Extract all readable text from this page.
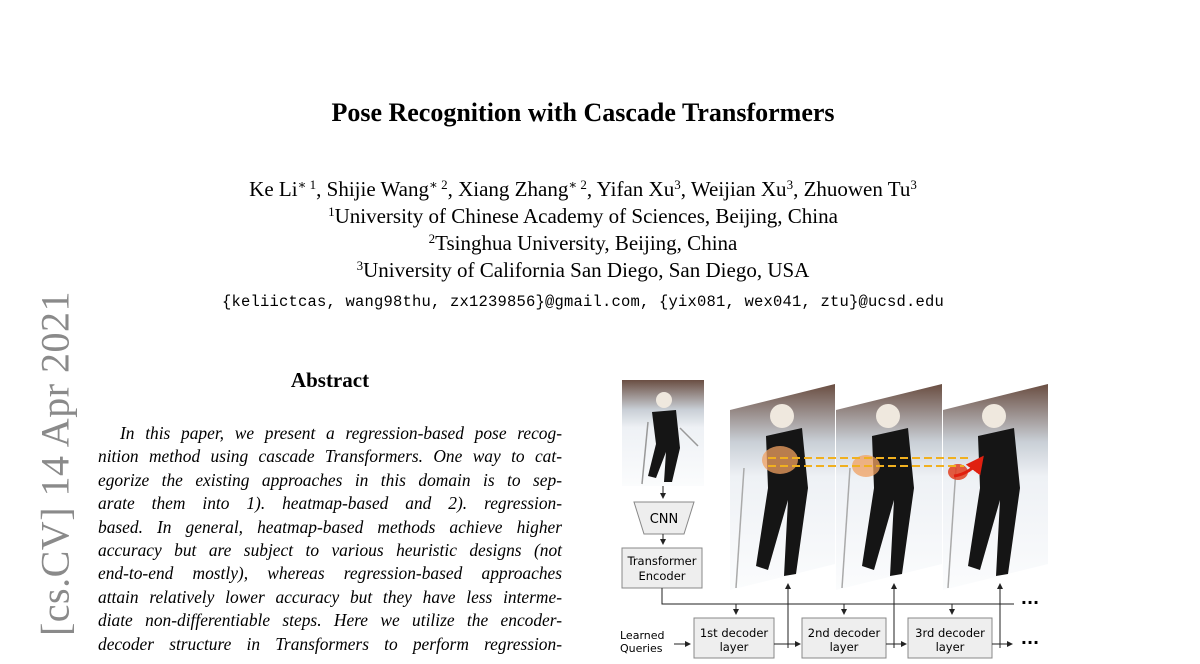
Pose Recognition with Cascade Transformers
Ke $Li^{∗ 1}$, Shijie Wang$^{∗ 2}$, Xiang Zhang$^{∗ 2}$, Yifan Xu$^3$, Weijian Xu$^3$, Zhuowen Tu$^3$
$^1$University of Chinese Academy of Sciences, Beijing, China
$^2$Tsinghua University, Beijing, China
$^3$University of California San Diego, San Diego, USA
{keliictcas, wang98thu, zx1239856}@gmail.com, {yix081, wex041, ztu}@ucsd.edu
[cs.CV] 14 Apr 2021	Abstract
In this paper, we present a regression-based pose recog-
nition method using cascade Transformers. One way to cat-
egorize the existing approaches in this domain is to sep-
arate them into 1). heatmap-based and 2). regression-
based. In general, heatmap-based methods achieve higher
accuracy but are subject to various heuristic designs (not
end-to-end mostly), whereas regression-based approaches
attain relatively lower accuracy but they have less interme-
diate non-differentiable steps. Here we utilize the encoder-
decoder structure in Transformers to perform regression-
CNN
Transformer
Encoder
···
Learned
Queries
1st decoder
layer
2nd decoder
layer
3rd decoder
layer	···
